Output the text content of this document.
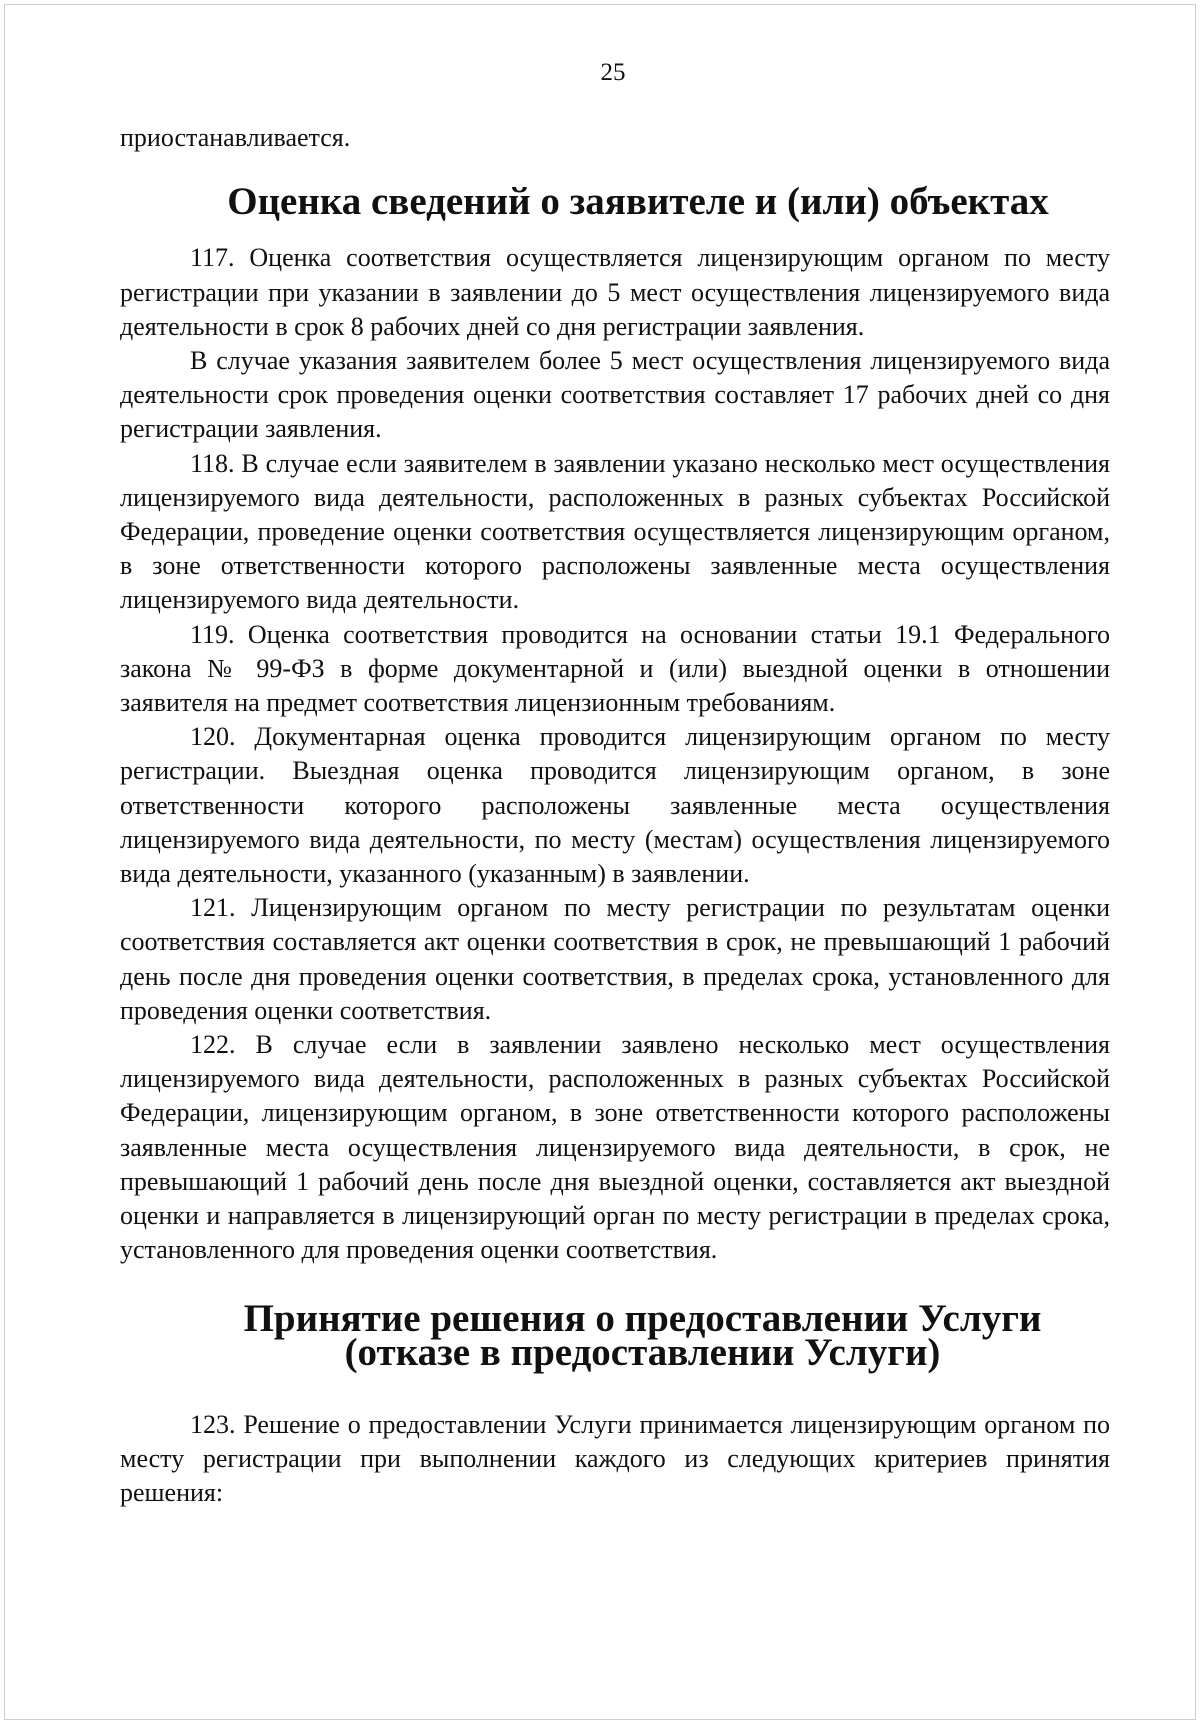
25

приостанавливается.

Оценка сведений о заявителе и (или) объектах

117. Оценка соответствия осуществляется лицензирующим органом по месту регистрации при указании в заявлении до 5 мест осуществления лицензируемого вида деятельности в срок 8 рабочих дней со дня регистрации заявления.

В случае указания заявителем более 5 мест осуществления лицензируемого вида деятельности срок проведения оценки соответствия составляет 17 рабочих дней со дня регистрации заявления.

118. В случае если заявителем в заявлении указано несколько мест осуществления лицензируемого вида деятельности, расположенных в разных субъектах Российской Федерации, проведение оценки соответствия осуществляется лицензирующим органом, в зоне ответственности которого расположены заявленные места осуществления лицензируемого вида деятельности.

119. Оценка соответствия проводится на основании статьи 19.1 Федерального закона № 99-ФЗ в форме документарной и (или) выездной оценки в отношении заявителя на предмет соответствия лицензионным требованиям.

120. Документарная оценка проводится лицензирующим органом по месту регистрации. Выездная оценка проводится лицензирующим органом, в зоне ответственности которого расположены заявленные места осуществления лицензируемого вида деятельности, по месту (местам) осуществления лицензируемого вида деятельности, указанного (указанным) в заявлении.

121. Лицензирующим органом по месту регистрации по результатам оценки соответствия составляется акт оценки соответствия в срок, не превышающий 1 рабочий день после дня проведения оценки соответствия, в пределах срока, установленного для проведения оценки соответствия.

122. В случае если в заявлении заявлено несколько мест осуществления лицензируемого вида деятельности, расположенных в разных субъектах Российской Федерации, лицензирующим органом, в зоне ответственности которого расположены заявленные места осуществления лицензируемого вида деятельности, в срок, не превышающий 1 рабочий день после дня выездной оценки, составляется акт выездной оценки и направляется в лицензирующий орган по месту регистрации в пределах срока, установленного для проведения оценки соответствия.

Принятие решения о предоставлении Услуги
(отказе в предоставлении Услуги)

123. Решение о предоставлении Услуги принимается лицензирующим органом по месту регистрации при выполнении каждого из следующих критериев принятия решения:
